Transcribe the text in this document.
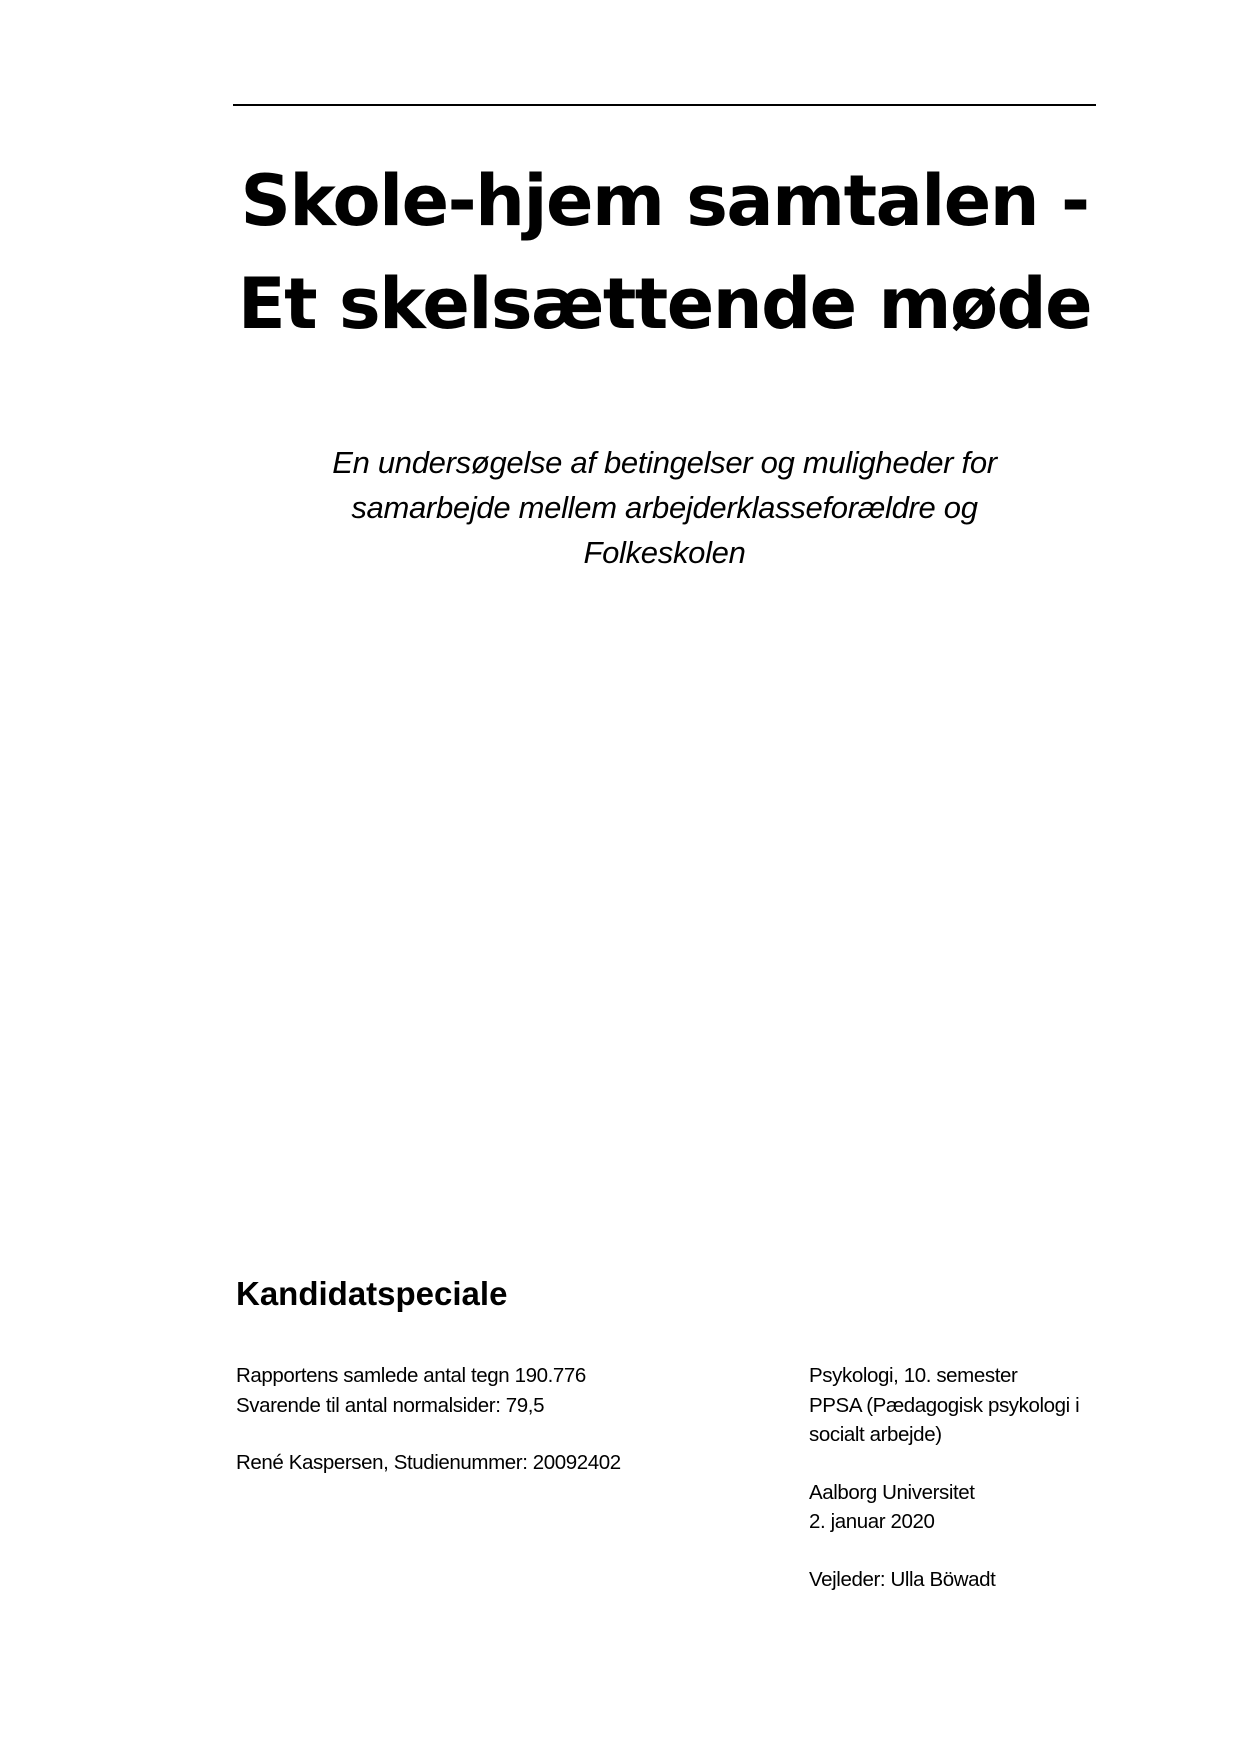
Skole-hjem samtalen -
Et skelsættende møde
En undersøgelse af betingelser og muligheder for
samarbejde mellem arbejderklasseforældre og
Folkeskolen
Kandidatspeciale
Rapportens samlede antal tegn 190.776
Svarende til antal normalsider: 79,5
René Kaspersen, Studienummer: 20092402
Psykologi, 10. semester
PPSA (Pædagogisk psykologi i
socialt arbejde)
Aalborg Universitet
2. januar 2020
Vejleder: Ulla Böwadt
